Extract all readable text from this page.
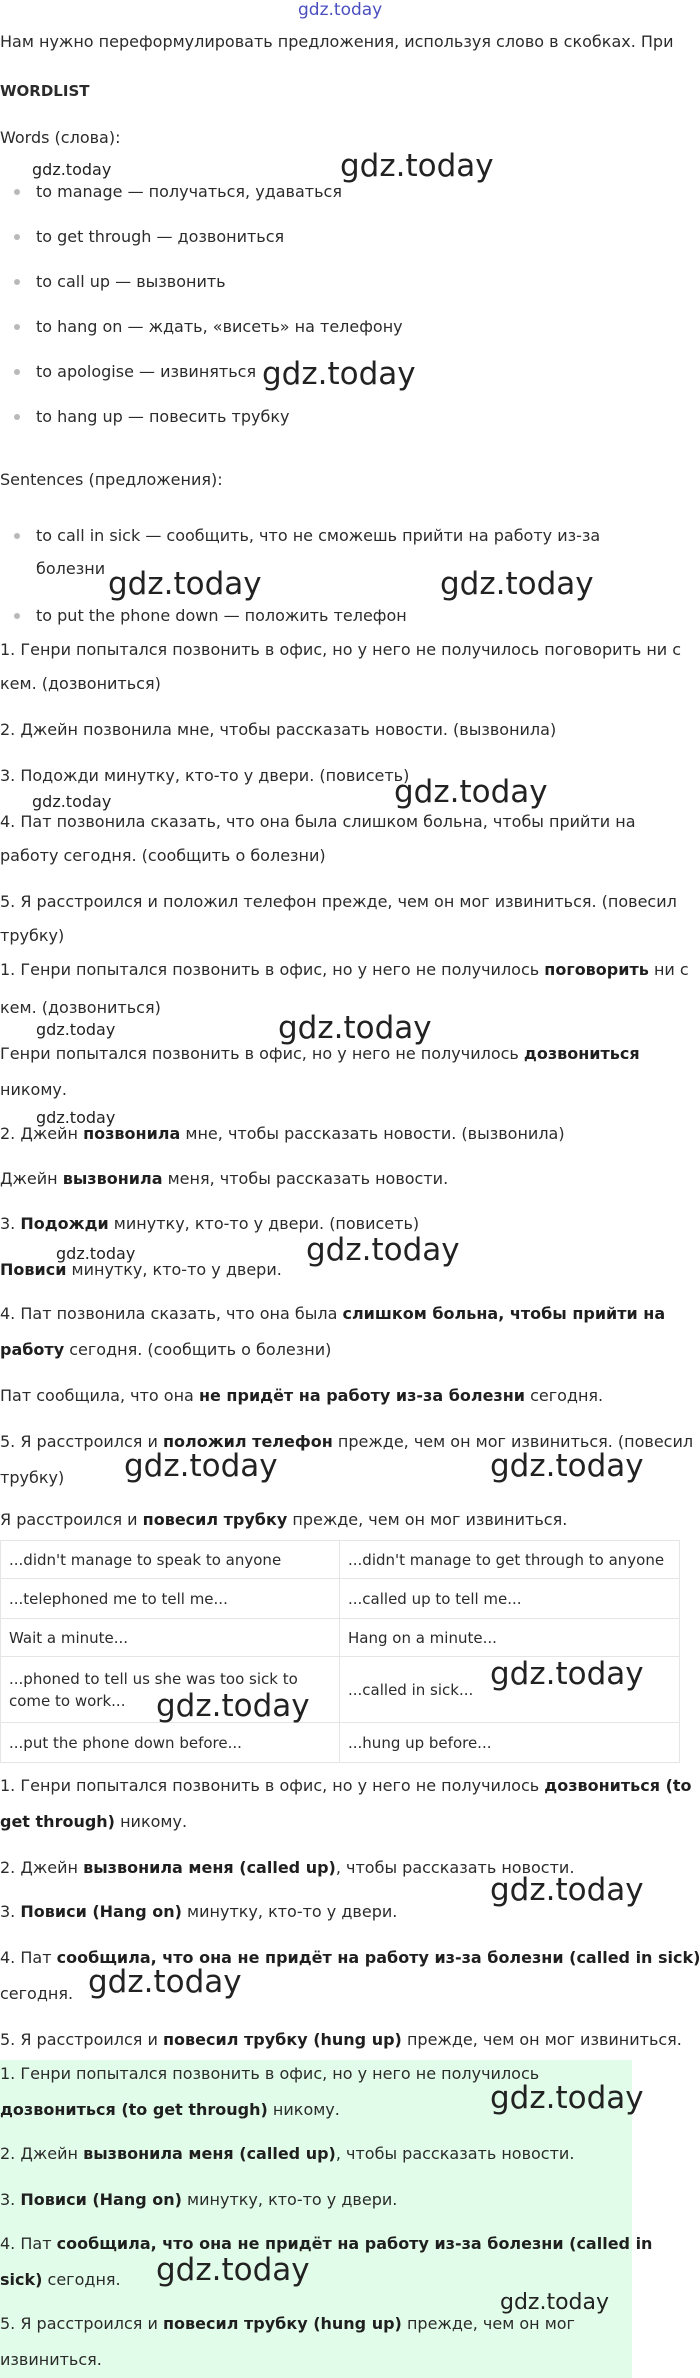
gdz.today
Нам нужно переформулировать предложения, используя слово в скобках. При
WORDLIST
Words (слова):
to manage — получаться, удаваться
to get through — дозвониться
to call up — вызвонить
to hang on — ждать, «висеть» на телефону
to apologise — извиняться
to hang up — повесить трубку
Sentences (предложения):
to call in sick — сообщить, что не сможешь прийти на работу из-за
болезни
to put the phone down — положить телефон
1. Генри попытался позвонить в офис, но у него не получилось поговорить ни с
кем. (дозвониться)
2. Джейн позвонила мне, чтобы рассказать новости. (вызвонила)
3. Подожди минутку, кто-то у двери. (повисеть)
4. Пат позвонила сказать, что она была слишком больна, чтобы прийти на
работу сегодня. (сообщить о болезни)
5. Я расстроился и положил телефон прежде, чем он мог извиниться. (повесил
трубку)
1. Генри попытался позвонить в офис, но у него не получилось поговорить ни с
кем. (дозвониться)
Генри попытался позвонить в офис, но у него не получилось дозвониться
никому.
2. Джейн позвонила мне, чтобы рассказать новости. (вызвонила)
Джейн вызвонила меня, чтобы рассказать новости.
3. Подожди минутку, кто-то у двери. (повисеть)
Повиси минутку, кто-то у двери.
4. Пат позвонила сказать, что она была слишком больна, чтобы прийти на
работу сегодня. (сообщить о болезни)
Пат сообщила, что она не придёт на работу из-за болезни сегодня.
5. Я расстроился и положил телефон прежде, чем он мог извиниться. (повесил
трубку)
Я расстроился и повесил трубку прежде, чем он мог извиниться.
...didn't manage to speak to anyone	...didn't manage to get through to anyone
...telephoned me to tell me...	...called up to tell me...
Wait a minute...	Hang on a minute...
...phoned to tell us she was too sick to come to work...	...called in sick...
...put the phone down before...	...hung up before...
1. Генри попытался позвонить в офис, но у него не получилось дозвониться (to
get through) никому.
2. Джейн вызвонила меня (called up), чтобы рассказать новости.
3. Повиси (Hang on) минутку, кто-то у двери.
4. Пат сообщила, что она не придёт на работу из-за болезни (called in sick)
сегодня.
5. Я расстроился и повесил трубку (hung up) прежде, чем он мог извиниться.
1. Генри попытался позвонить в офис, но у него не получилось
дозвониться (to get through) никому.
2. Джейн вызвонила меня (called up), чтобы рассказать новости.
3. Повиси (Hang on) минутку, кто-то у двери.
4. Пат сообщила, что она не придёт на работу из-за болезни (called in
sick) сегодня.
5. Я расстроился и повесил трубку (hung up) прежде, чем он мог
извиниться.
gdz.today
gdz.today
gdz.today
gdz.today	gdz.today
gdz.today	gdz.today
gdz.today
gdz.today
gdz.today
gdz.today	gdz.today
gdz.today	gdz.today
gdz.today
gdz.today
gdz.today
gdz.today
gdz.today
gdz.today
gdz.today
